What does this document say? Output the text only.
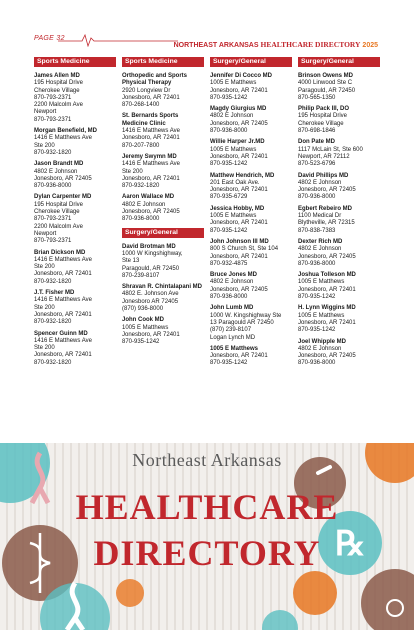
PAGE 32
NORTHEAST ARKANSAS HEALTHCARE DIRECTORY 2025
Sports Medicine
James Allen MD
195 Hospital Drive
Cherokee Village
870-793-2371
2200 Malcolm Ave
Newport
870-793-2371
Morgan Benefield, MD
1416 E Matthews Ave
Ste 200
870-932-1820
Jason Brandt MD
4802 E Johnson
Jonesboro, AR 72405
870-936-8000
Dylan Carpenter MD
195 Hospital Drive
Cherokee Village
870-793-2371
2200 Malcolm Ave
Newport
870-793-2371
Brian Dickson MD
1416 E Matthews Ave
Ste 200
Jonesboro, AR 72401
870-932-1820
J.T. Fisher MD
1416 E Matthews Ave
Ste 200
Jonesboro, AR 72401
870-932-1820
Spencer Guinn MD
1416 E Matthews Ave
Ste 200
Jonesboro, AR 72401
870-932-1820
Sports Medicine
Orthopedic and Sports Physical Therapy
2920 Longview Dr
Jonesboro, AR 72401
870-268-1400
St. Bernards Sports Medicine Clinic
1416 E Matthews Ave
Jonesboro, AR 72401
870-207-7800
Jeremy Swymn MD
1416 E Matthews Ave
Ste 200
Jonesboro, AR 72401
870-932-1820
Aaron Wallace MD
4802 E Johnson
Jonesboro, AR 72405
870-936-8000
Surgery/General
David Brotman MD
1000 W Kingshighway,
Ste 13
Paragould, AR 72450
870-239-8107
Shravan R. Chintalapani MD
4802 E. Johnson Ave
Jonesboro AR 72405
(870) 936-8000
John Cook MD
1005 E Matthews
Jonesboro, AR 72401
870-935-1242
Surgery/General
Jennifer Di Cocco MD
1005 E Matthews
Jonesboro, AR 72401
870-935-1242
Magdy Giurgius MD
4802 E Johnson
Jonesboro, AR 72405
870-936-8000
Willie Harper Jr.MD
1005 E Matthews
Jonesboro, AR 72401
870-935-1242
Matthew Hendrich, MD
201 East Oak Ave.
Jonesboro, AR 72401
870-935-6729
Jessica Hobby, MD
1005 E Matthews
Jonesboro, AR 72401
870-935-1242
John Johnson III MD
800 S Church St, Ste 104
Jonesboro, AR 72401
870-932-4875
Bruce Jones MD
4802 E Johnson
Jonesboro, AR 72405
870-936-8000
John Lumb MD
1000 W. Kingshighway Ste
13 Paragould AR 72450
(870) 239-8107
Logan Lynch MD
1005 E Matthews
Jonesboro, AR 72401
870-935-1242
Surgery/General
Brinson Owens MD
4000 Linwood Ste C
Paragould, AR 72450
870-565-1350
Philip Pack III, DO
195 Hospital Drive
Cherokee Village
870-698-1846
Don Pate MD
1117 McLain St, Ste 600
Newport, AR 72112
870-523-6796
David Phillips MD
4802 E Johnson
Jonesboro, AR 72405
870-936-8000
Egbert Rebeiro MD
1100 Medical Dr
Blytheville, AR 72315
870-838-7383
Dexter Rich MD
4802 E Johnson
Jonesboro, AR 72405
870-936-8000
Joshua Tolleson MD
1005 E Matthews
Jonesboro, AR 72401
870-935-1242
H. Lynn Wiggins MD
1005 E Matthews
Jonesboro, AR 72401
870-935-1242
Joel Whipple MD
4802 E Johnson
Jonesboro, AR 72405
870-936-8000
℞
Northeast Arkansas
HEALTHCARE
DIRECTORY
